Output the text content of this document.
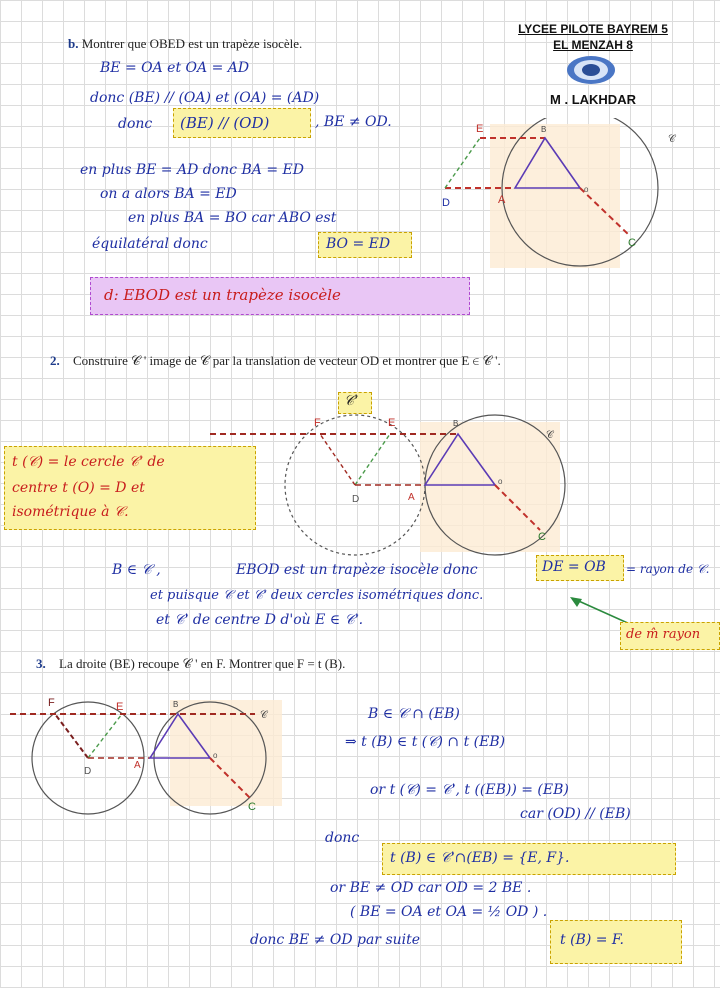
LYCEE PILOTE BAYREM 5
EL MENZAH 8
M . LAKHDAR
b. Montrer que OBED est un trapèze isocèle.
BE = OA et OA = AD
donc (BE) // (OA) et (OA) = (AD)
donc (BE) // (OD)	, BE ≠ OD.
en plus BE = AD donc BA = ED
on a alors BA = ED
en plus BA = BO car ABO est
équilatéral donc	BO = ED
d: EBOD est un trapèze isocèle
E	B
D	A
o
C
𝒞
2. Construire 𝒞 ' image de 𝒞 par la translation de vecteur OD et montrer que E ∈ 𝒞 '.
𝒞'
t (𝒞) = le cercle 𝒞' de
centre t (O) = D et
isométrique à 𝒞.
F	E	B
D	A
o
C
𝒞
B ∈ 𝒞 ,	EBOD est un trapèze isocèle donc	DE = OB = rayon de 𝒞.
et puisque 𝒞 et 𝒞' deux cercles isométriques donc.
et 𝒞' de centre D d'où E ∈ 𝒞'.
de m̂ rayon
3. La droite (BE) recoupe 𝒞 ' en F. Montrer que F = t (B).
F	E	B
D
A
o
C
𝒞	B ∈ 𝒞 ∩ (EB)
⇒ t (B) ∈ t (𝒞) ∩ t (EB)
or t (𝒞) = 𝒞', t ((EB)) = (EB)
car (OD) // (EB)
donc
t (B) ∈ 𝒞'∩(EB) = {E, F}.
or BE ≠ OD car OD = 2 BE .
( BE = OA et OA = ½ OD ) .
donc BE ≠ OD par suite	t (B) = F.
